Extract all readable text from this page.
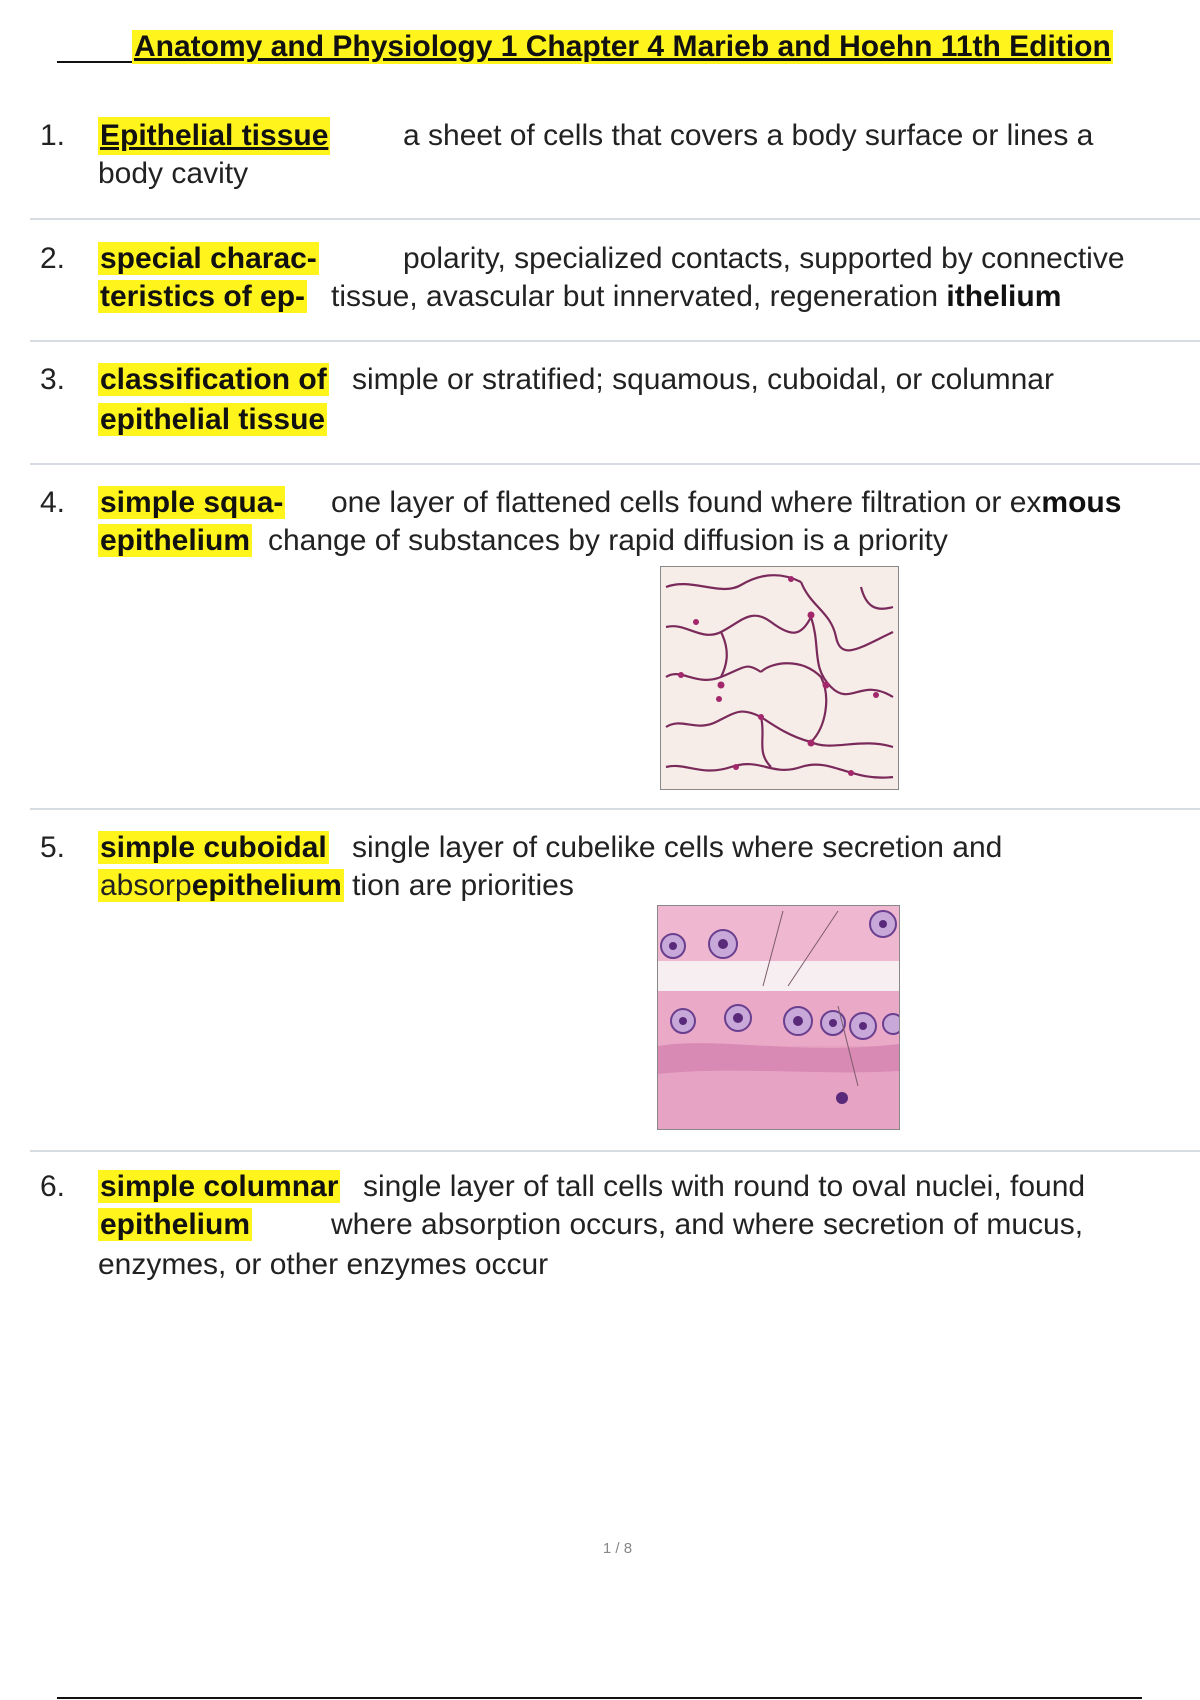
Anatomy and Physiology 1 Chapter 4 Marieb and Hoehn 11th Edition
1. Epithelial tissue a sheet of cells that covers a body surface or lines a
body cavity
2. special charac-
teristics of ep-
polarity, specialized contacts, supported by connective
tissue, avascular but innervated, regeneration ithelium
3. classification of
epithelial tissue
simple or stratified; squamous, cuboidal, or columnar
4. simple squa-
epithelium
one layer of flattened cells found where filtration or exmous
change of substances by rapid diffusion is a priority
5. simple cuboidal single layer of cubelike cells where secretion and
absorpepithelium tion are priorities
6. simple columnar
epithelium
single layer of tall cells with round to oval nuclei, found
where absorption occurs, and where secretion of mucus,
enzymes, or other enzymes occur
1 / 8
